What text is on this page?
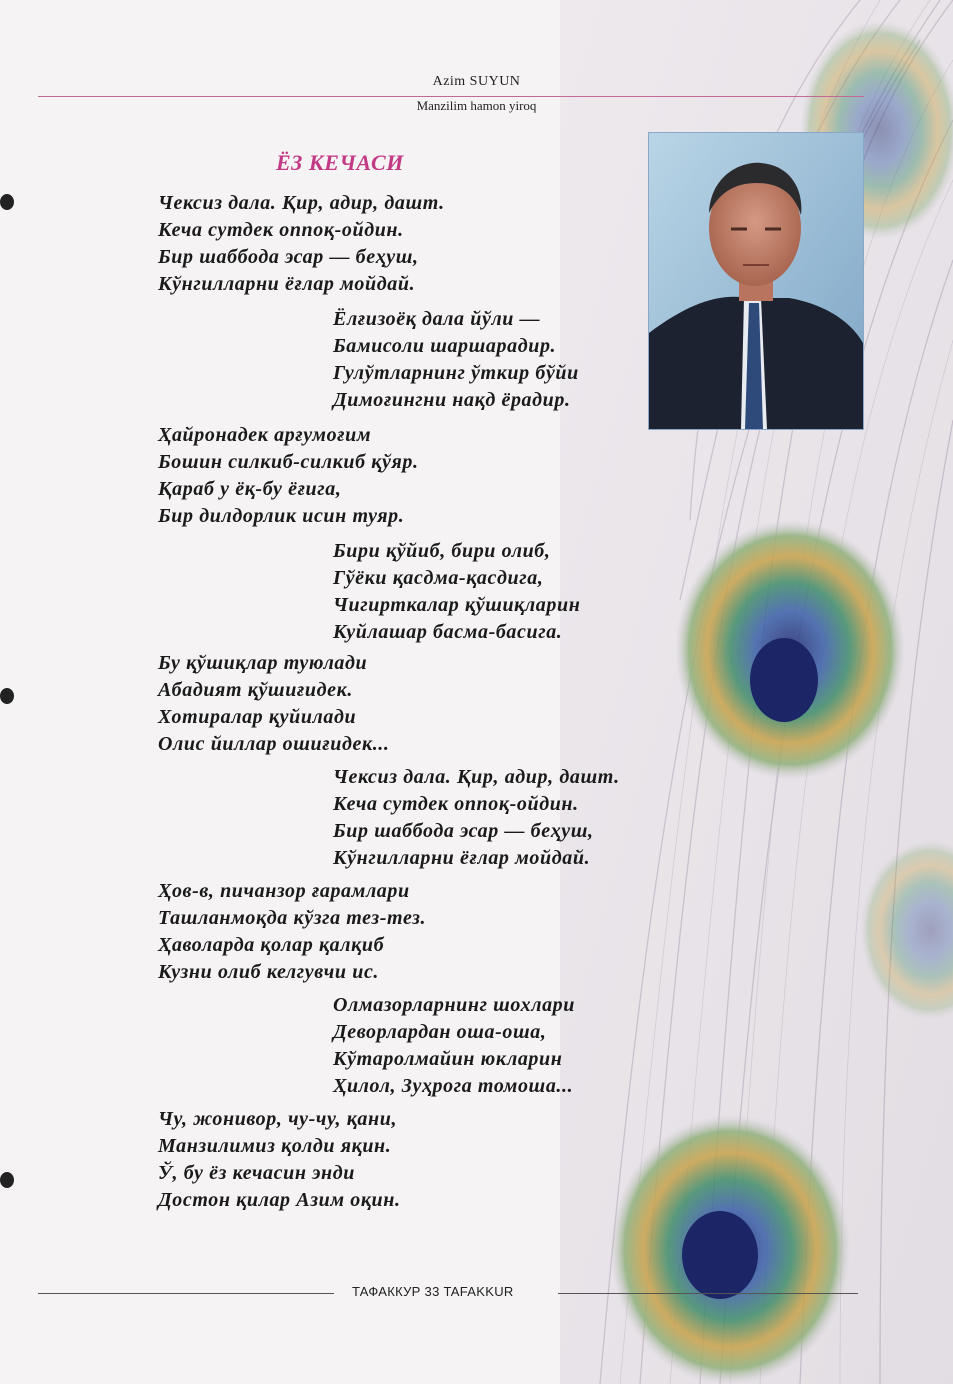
Azim SUYUN
Manzilim hamon yiroq
ЁЗ КЕЧАСИ
Чексиз дала. Қир, адир, дашт.
Кеча сутдек оппоқ-ойдин.
Бир шаббода эсар — беҳуш,
Кўнгилларни ёғлар мойдай.
Ёлғизоёқ дала йўли —
Бамисоли шаршарадир.
Гулўтларнинг ўткир бўйи
Димоғингни нақд ёрадир.
Ҳайронадек арғумоғим
Бошин силкиб-силкиб қўяр.
Қараб у ёқ-бу ёғига,
Бир дилдорлик исин туяр.
Бири қўйиб, бири олиб,
Гўёки қасдма-қасдига,
Чигирткалар қўшиқларин
Куйлашар басма-басига.
Бу қўшиқлар туюлади
Абадият қўшиғидек.
Хотиралар қуйилади
Олис йиллар ошиғидек...
Чексиз дала. Қир, адир, дашт.
Кеча сутдек оппоқ-ойдин.
Бир шаббода эсар — беҳуш,
Кўнгилларни ёғлар мойдай.
Ҳов-в, пичанзор ғарамлари
Ташланмоқда кўзга тез-тез.
Ҳаволарда қолар қалқиб
Кузни олиб келгувчи ис.
Олмазорларнинг шохлари
Деворлардан оша-оша,
Кўтаролмайин юкларин
Ҳилол, Зуҳрога томоша...
Чу, жонивор, чу-чу, қани,
Манзилимиз қолди яқин.
Ў, бу ёз кечасин энди
Достон қилар Азим оқин.
ТАФАККУР 33 TAFAKKUR
